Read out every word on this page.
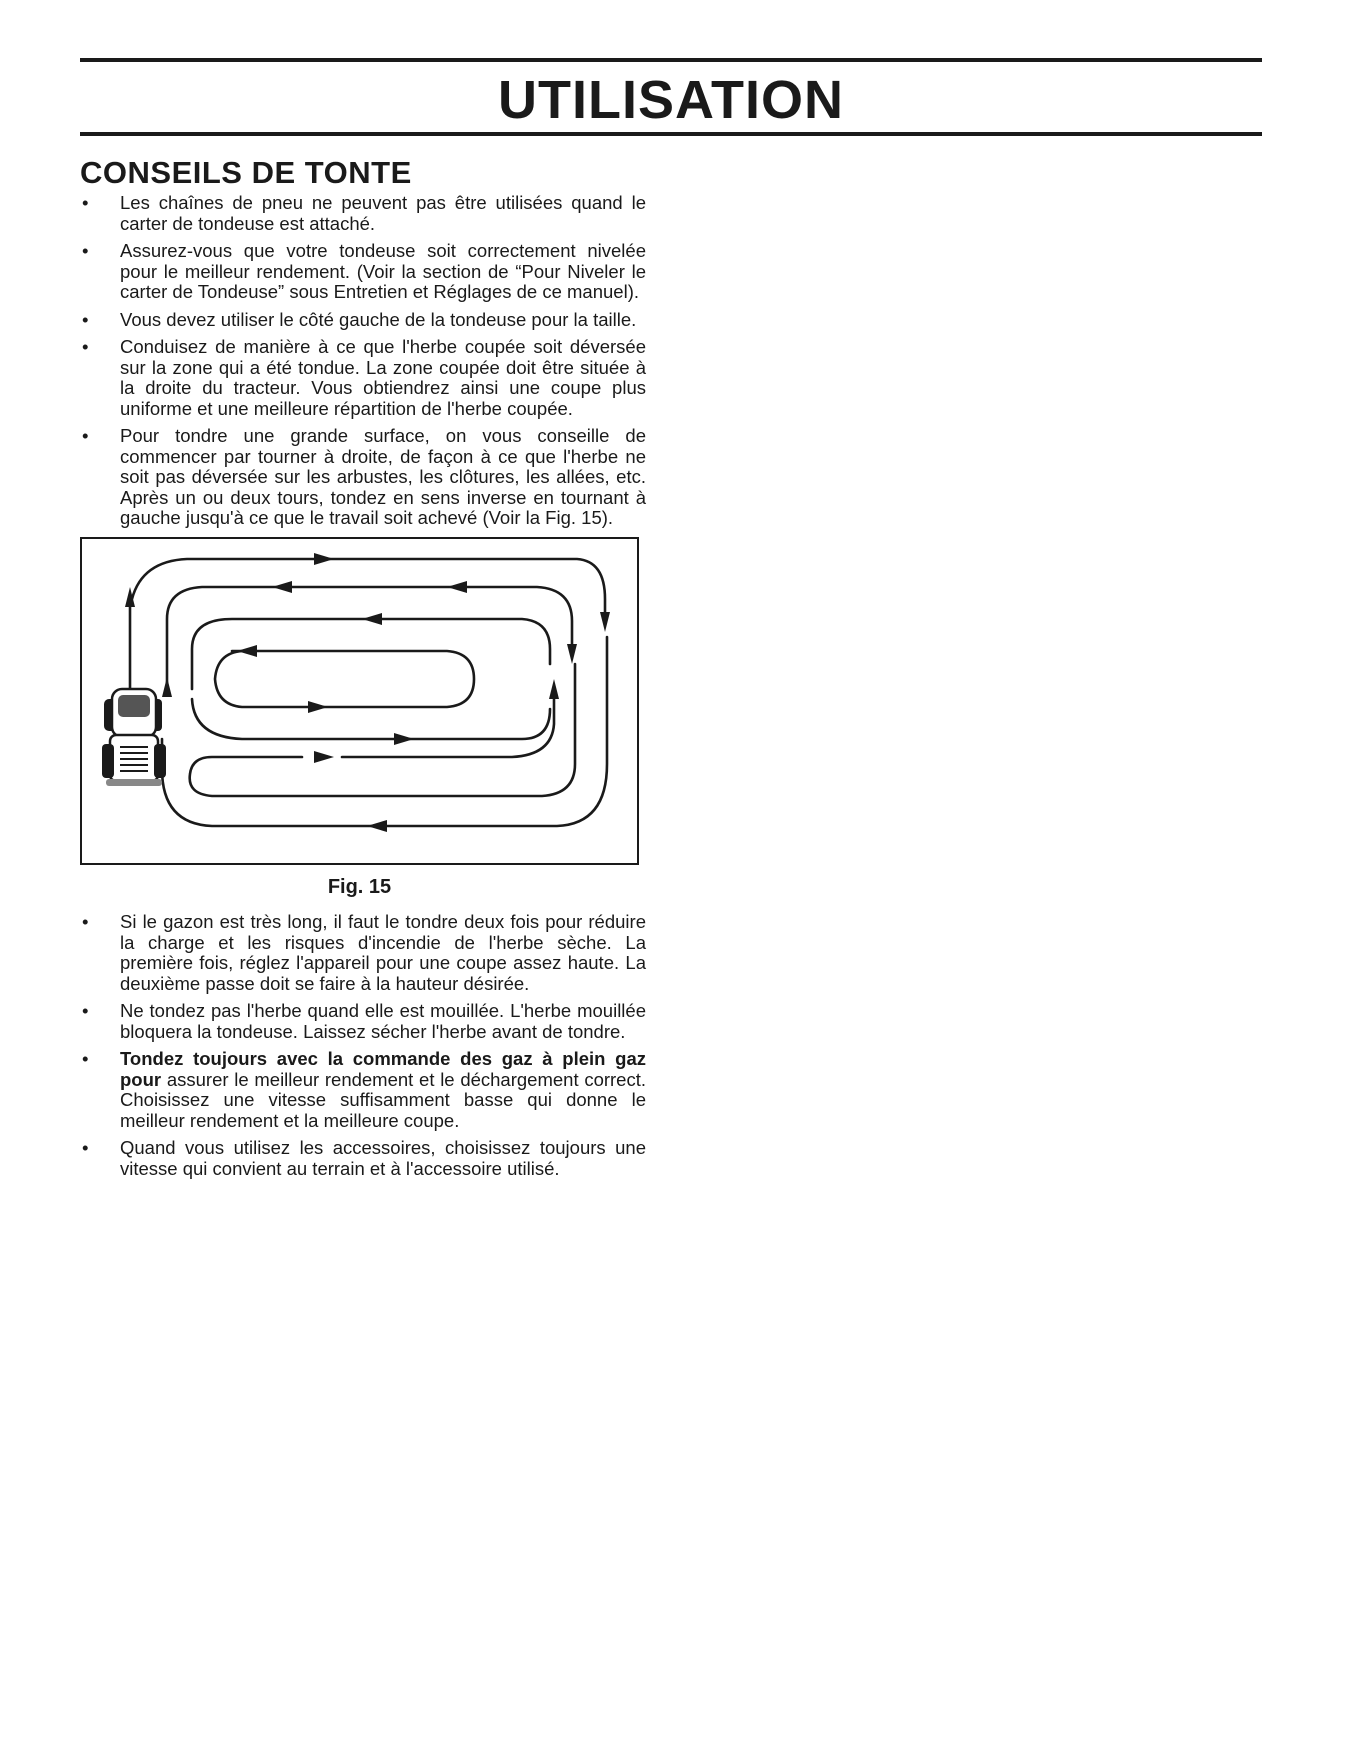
UTILISATION
CONSEILS DE TONTE
• Les chaînes de pneu ne peuvent pas être utilisées quand le carter de tondeuse est attaché.
• Assurez-vous que votre tondeuse soit correctement nivelée pour le meilleur rendement. (Voir la section de “Pour Niveler le carter de Tondeuse” sous Entretien et Réglages de ce manuel).
• Vous devez utiliser le côté gauche de la tondeuse pour la taille.
• Conduisez de manière à ce que l'herbe coupée soit déversée sur la zone qui a été tondue. La zone coupée doit être située à la droite du tracteur. Vous obtiendrez ainsi une coupe plus uniforme et une meilleure répartition de l'herbe coupée.
• Pour tondre une grande surface, on vous conseille de commencer par tourner à droite, de façon à ce que l'herbe ne soit pas déversée sur les arbustes, les clôtures, les allées, etc. Après un ou deux tours, tondez en sens inverse en tournant à gauche jusqu'à ce que le travail soit achevé (Voir la Fig. 15).

Fig. 15

• Si le gazon est très long, il faut le tondre deux fois pour réduire la charge et les risques d'incendie de l'herbe sèche. La première fois, réglez l'appareil pour une coupe assez haute. La deuxième passe doit se faire à la hauteur désirée.
• Ne tondez pas l'herbe quand elle est mouillée. L'herbe mouillée bloquera la tondeuse. Laissez sécher l'herbe avant de tondre.
• Tondez toujours avec la commande des gaz à plein gaz pour assurer le meilleur rendement et le déchargement correct. Choisissez une vitesse suffisamment basse qui donne le meilleur rendement et la meilleure coupe.
• Quand vous utilisez les accessoires, choisissez toujours une vitesse qui convient au terrain et à l'accessoire utilisé.
